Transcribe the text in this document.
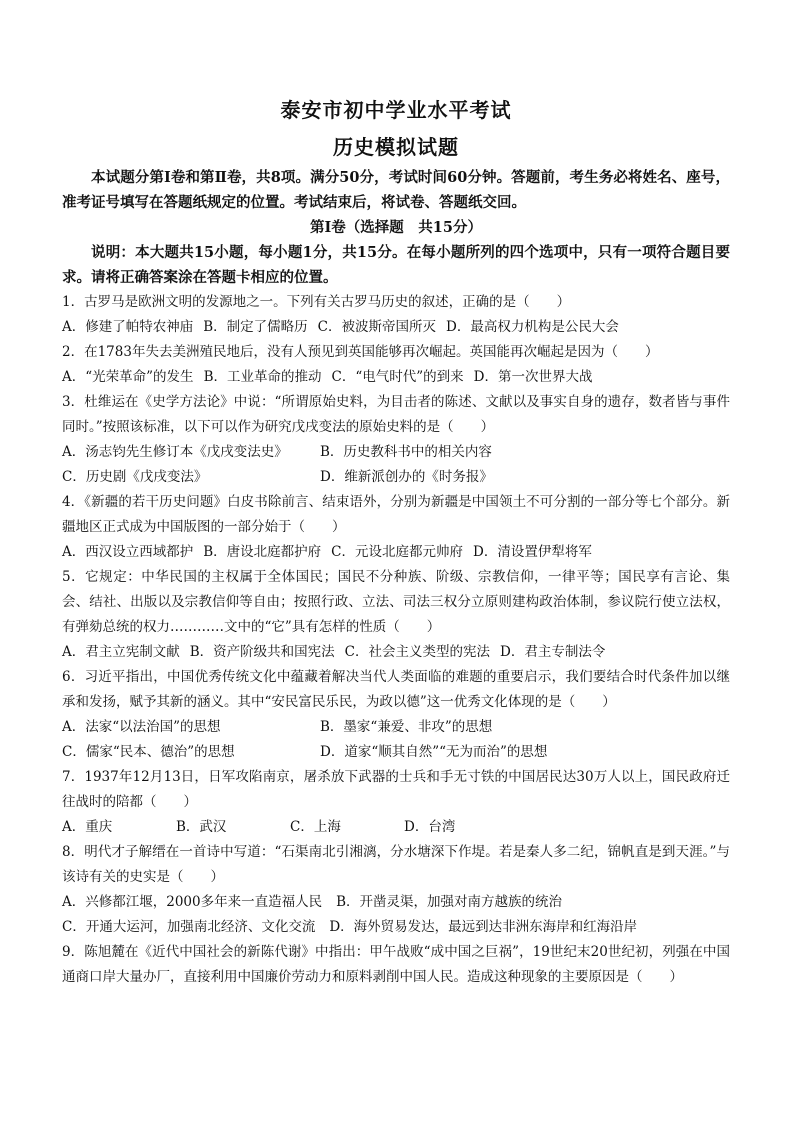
泰安市初中学业水平考试
历史模拟试题

本试题分第Ⅰ卷和第Ⅱ卷，共8项。满分50分，考试时间60分钟。答题前，考生务必将姓名、座号，准考证号填写在答题纸规定的位置。考试结束后，将试卷、答题纸交回。

第Ⅰ卷（选择题　共15分）

说明：本大题共15小题，每小题1分，共15分。在每小题所列的四个选项中，只有一项符合题目要求。请将正确答案涂在答题卡相应的位置。

1．古罗马是欧洲文明的发源地之一。下列有关古罗马历史的叙述，正确的是（　　）

A．修建了帕特农神庙 B．制定了儒略历 C．被波斯帝国所灭 D．最高权力机构是公民大会

2．在1783年失去美洲殖民地后，没有人预见到英国能够再次崛起。英国能再次崛起是因为（　　）

A．“光荣革命”的发生 B．工业革命的推动 C．“电气时代”的到来 D．第一次世界大战

3．杜维运在《史学方法论》中说：“所谓原始史料，为目击者的陈述、文献以及事实自身的遗存，数者皆与事件同时。”按照该标准，以下可以作为研究戊戌变法的原始史料的是（　　）

A．汤志钧先生修订本《戊戌变法史》 B．历史教科书中的相关内容
C．历史剧《戊戌变法》	D．维新派创办的《时务报》

4．《新疆的若干历史问题》白皮书除前言、结束语外，分别为新疆是中国领土不可分割的一部分等七个部分。新疆地区正式成为中国版图的一部分始于（　　）

A．西汉设立西域都护 B．唐设北庭都护府 C．元设北庭都元帅府 D．清设置伊犁将军

5．它规定：中华民国的主权属于全体国民；国民不分种族、阶级、宗教信仰，一律平等；国民享有言论、集会、结社、出版以及宗教信仰等自由；按照行政、立法、司法三权分立原则建构政治体制，参议院行使立法权，有弹劾总统的权力…………文中的“它”具有怎样的性质（　　）

A．君主立宪制文献 B．资产阶级共和国宪法 C．社会主义类型的宪法 D．君主专制法令

6．习近平指出，中国优秀传统文化中蕴藏着解决当代人类面临的难题的重要启示，我们要结合时代条件加以继承和发扬，赋予其新的涵义。其中“安民富民乐民，为政以德”这一优秀文化体现的是（　　）

A．法家“以法治国”的思想	B．墨家“兼爱、非攻”的思想
C．儒家“民本、德治”的思想	D．道家“顺其自然”“无为而治”的思想

7．1937年12月13日，日军攻陷南京，屠杀放下武器的士兵和手无寸铁的中国居民达30万人以上，国民政府迁往战时的陪都（　　）

A．重庆	B．武汉	C．上海	D．台湾

8．明代才子解缙在一首诗中写道：“石渠南北引湘漓，分水塘深下作堤。若是秦人多二纪，锦帆直是到天涯。”与该诗有关的史实是（　　）

A．兴修都江堰，2000多年来一直造福人民 B．开凿灵渠，加强对南方越族的统治
C．开通大运河，加强南北经济、文化交流 D．海外贸易发达，最远到达非洲东海岸和红海沿岸

9．陈旭麓在《近代中国社会的新陈代谢》中指出：甲午战败“成中国之巨祸”，19世纪末20世纪初，列强在中国通商口岸大量办厂，直接利用中国廉价劳动力和原料剥削中国人民。造成这种现象的主要原因是（　　）
